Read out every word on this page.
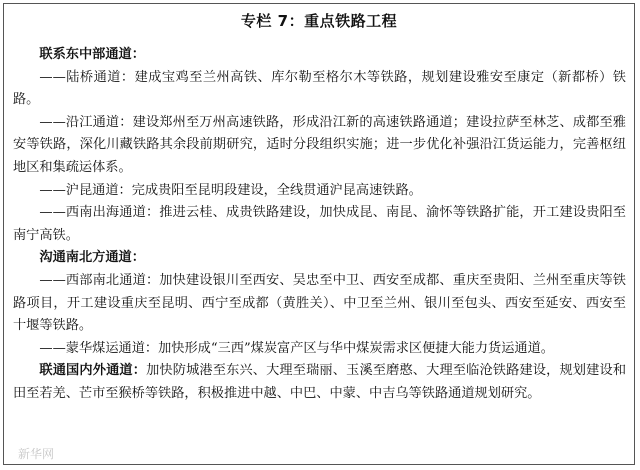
专栏 7：重点铁路工程

联系东中部通道：

——陆桥通道：建成宝鸡至兰州高铁、库尔勒至格尔木等铁路，规划建设雅安至康定（新都桥）铁路。

——沿江通道：建设郑州至万州高速铁路，形成沿江新的高速铁路通道；建设拉萨至林芝、成都至雅安等铁路，深化川藏铁路其余段前期研究，适时分段组织实施；进一步优化补强沿江货运能力，完善枢纽地区和集疏运体系。

——沪昆通道：完成贵阳至昆明段建设，全线贯通沪昆高速铁路。

——西南出海通道：推进云桂、成贵铁路建设，加快成昆、南昆、渝怀等铁路扩能，开工建设贵阳至南宁高铁。

沟通南北方通道：

——西部南北通道：加快建设银川至西安、吴忠至中卫、西安至成都、重庆至贵阳、兰州至重庆等铁路项目，开工建设重庆至昆明、西宁至成都（黄胜关）、中卫至兰州、银川至包头、西安至延安、西安至十堰等铁路。

——蒙华煤运通道：加快形成“三西”煤炭富产区与华中煤炭需求区便捷大能力货运通道。

联通国内外通道：加快防城港至东兴、大理至瑞丽、玉溪至磨憨、大理至临沧铁路建设，规划建设和田至若羌、芒市至猴桥等铁路，积极推进中越、中巴、中蒙、中吉乌等铁路通道规划研究。

新华网
